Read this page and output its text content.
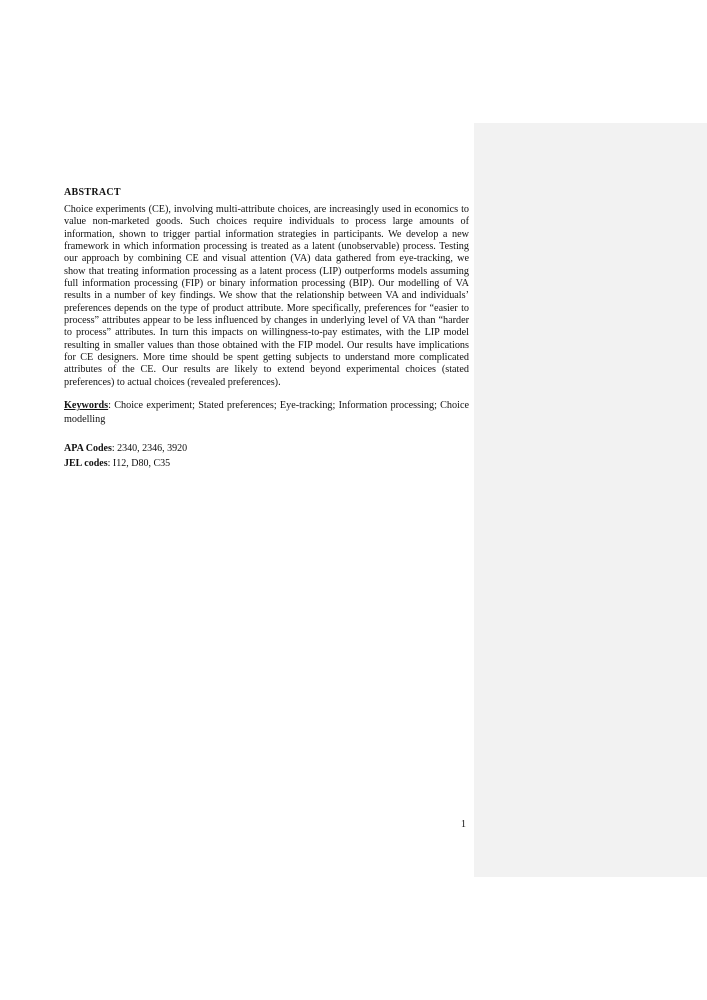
ABSTRACT

Choice experiments (CE), involving multi-attribute choices, are increasingly used in economics to value non-marketed goods. Such choices require individuals to process large amounts of information, shown to trigger partial information strategies in participants. We develop a new framework in which information processing is treated as a latent (unobservable) process. Testing our approach by combining CE and visual attention (VA) data gathered from eye-tracking, we show that treating information processing as a latent process (LIP) outperforms models assuming full information processing (FIP) or binary information processing (BIP). Our modelling of VA results in a number of key findings. We show that the relationship between VA and individuals’ preferences depends on the type of product attribute. More specifically, preferences for “easier to process” attributes appear to be less influenced by changes in underlying level of VA than “harder to process” attributes. In turn this impacts on willingness-to-pay estimates, with the LIP model resulting in smaller values than those obtained with the FIP model. Our results have implications for CE designers. More time should be spent getting subjects to understand more complicated attributes of the CE. Our results are likely to extend beyond experimental choices (stated preferences) to actual choices (revealed preferences).

Keywords: Choice experiment; Stated preferences; Eye-tracking; Information processing; Choice modelling

APA Codes: 2340, 2346, 3920
JEL codes: I12, D80, C35
1
